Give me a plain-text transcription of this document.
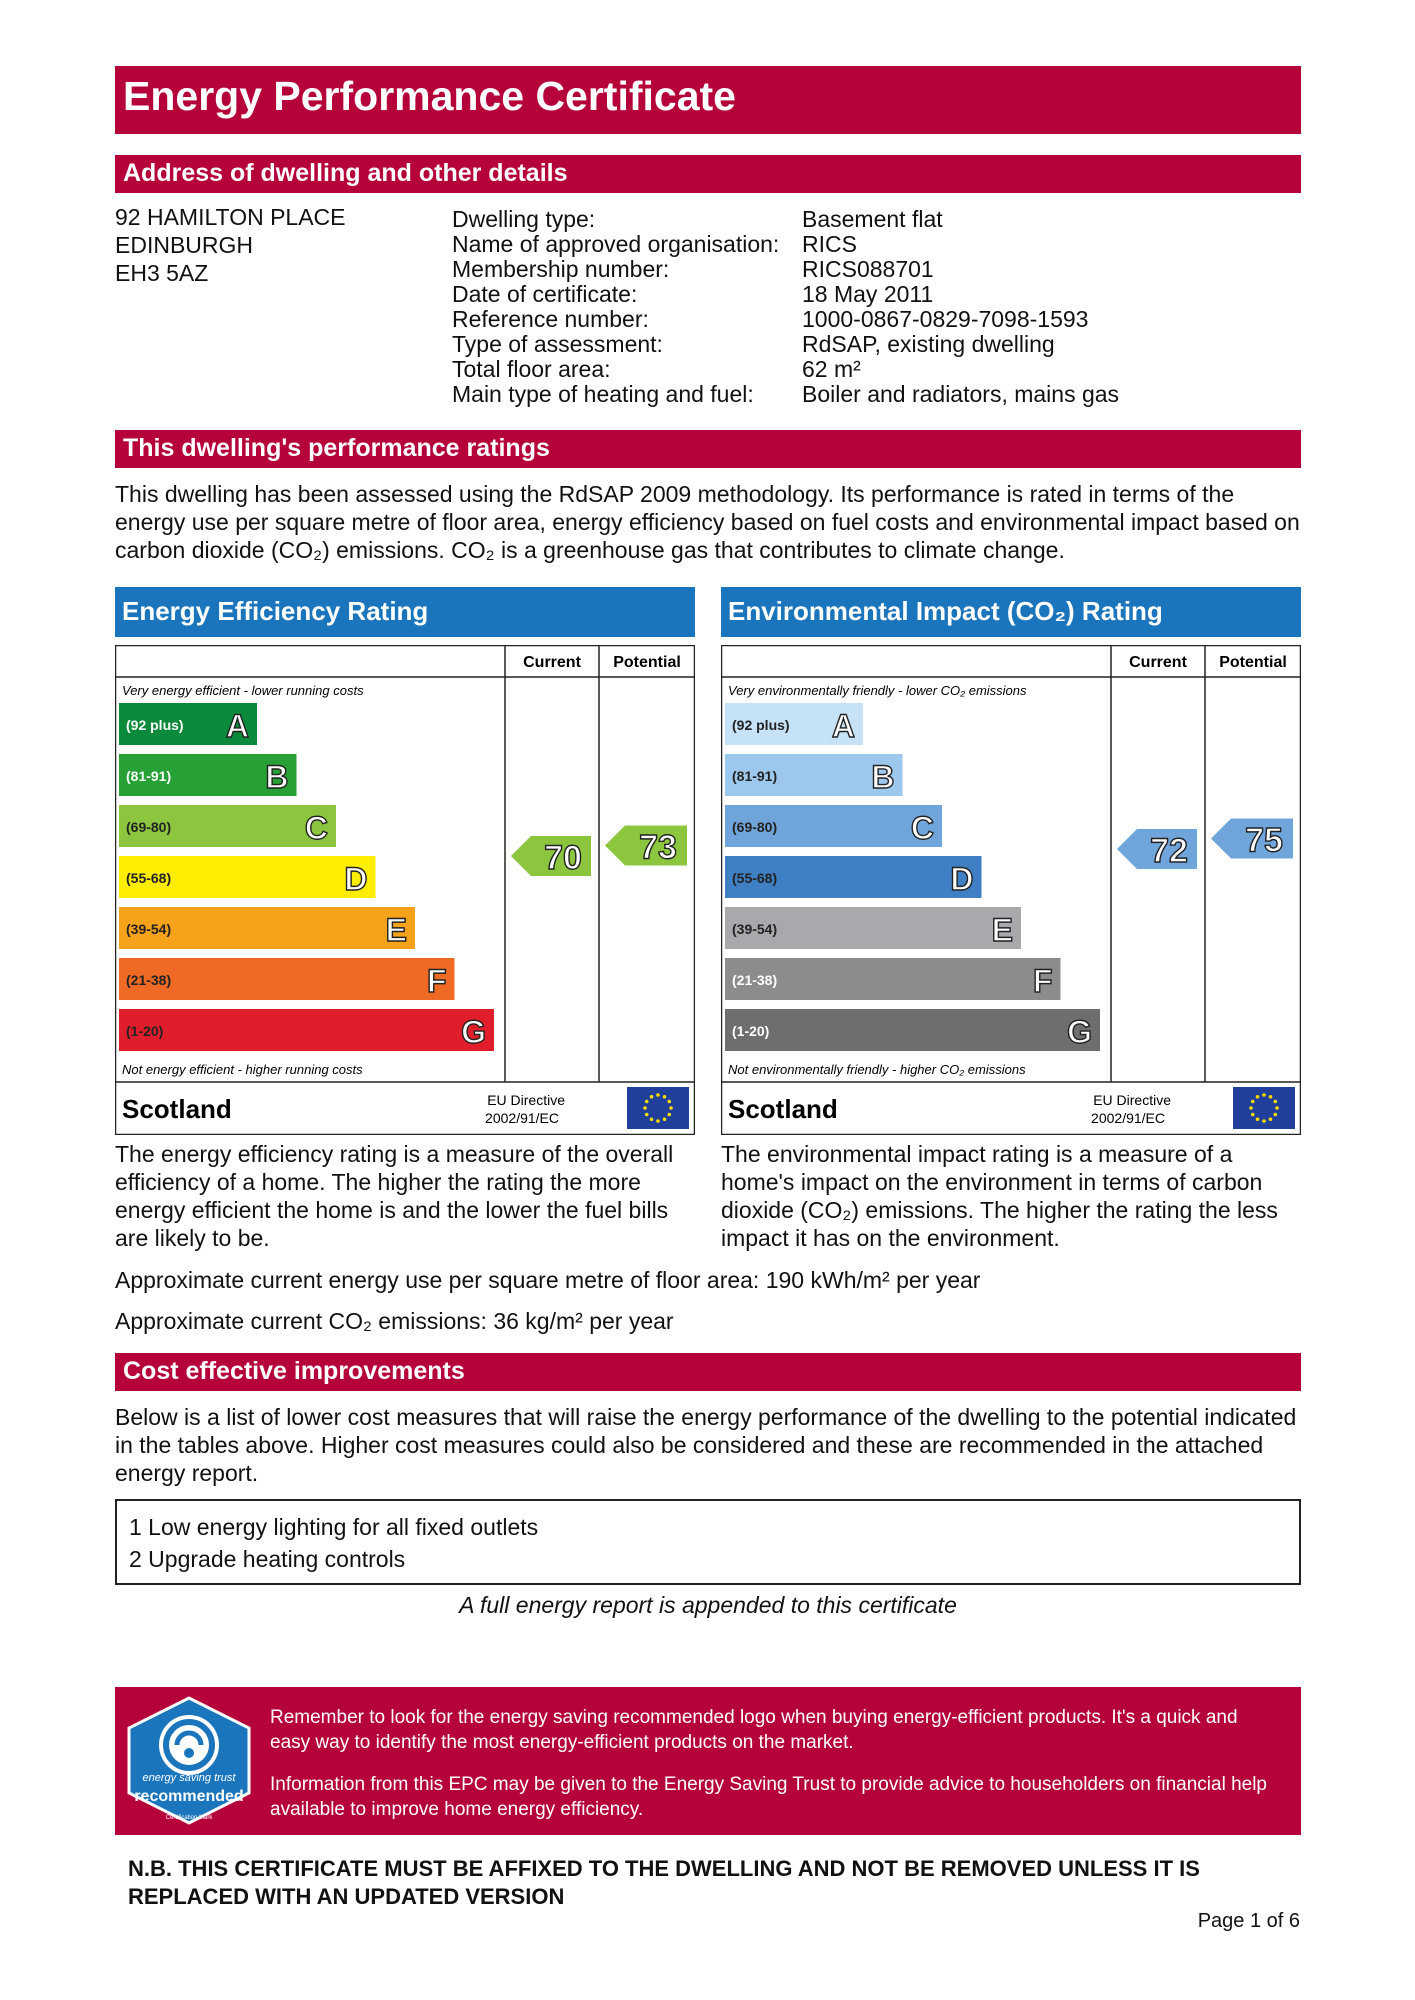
Energy Performance Certificate
Address of dwelling and other details
92 HAMILTON PLACE
EDINBURGH
EH3 5AZ
Dwelling type:	Basement flat
Name of approved organisation: RICS
Membership number:	RICS088701
Date of certificate:	18 May 2011
Reference number:	1000-0867-0829-7098-1593
Type of assessment:	RdSAP, existing dwelling
Total floor area:	62 m²
Main type of heating and fuel: Boiler and radiators, mains gas
This dwelling's performance ratings
This dwelling has been assessed using the RdSAP 2009 methodology. Its performance is rated in terms of the energy use per square metre of floor area, energy efficiency based on fuel costs and environmental impact based on carbon dioxide (CO₂) emissions. CO₂ is a greenhouse gas that contributes to climate change.
Energy Efficiency Rating
Current Potential
Very energy efficient - lower running costs
Not energy efficient - higher running costs
(92 plus) A
(81-91)	B
(69-80)	C
(55-68)	D
(39-54)	E
(21-38)	F
(1-20)	G
70 73
Scotland	EU Directive
2002/91/EC
The energy efficiency rating is a measure of the overall efficiency of a home. The higher the rating the more energy efficient the home is and the lower the fuel bills are likely to be.
Environmental Impact (CO₂) Rating
Current Potential
Very environmentally friendly - lower CO₂ emissions
Not environmentally friendly - higher CO₂ emissions
(92 plus) A
(81-91)	B
(69-80)	C
(55-68)	D
(39-54)	E
(21-38)	F
(1-20)	G
72 75
Scotland	EU Directive
2002/91/EC
The environmental impact rating is a measure of a home's impact on the environment in terms of carbon dioxide (CO₂) emissions. The higher the rating the less impact it has on the environment.
Approximate current energy use per square metre of floor area: 190 kWh/m² per year
Approximate current CO₂ emissions: 36 kg/m² per year
Cost effective improvements
Below is a list of lower cost measures that will raise the energy performance of the dwelling to the potential indicated in the tables above. Higher cost measures could also be considered and these are recommended in the attached energy report.
1 Low energy lighting for all fixed outlets
2 Upgrade heating controls
A full energy report is appended to this certificate
energy saving trust
recommended
Certification Mark

Remember to look for the energy saving recommended logo when buying energy-efficient products. It's a quick and easy way to identify the most energy-efficient products on the market.

Information from this EPC may be given to the Energy Saving Trust to provide advice to householders on financial help available to improve home energy efficiency.

N.B. THIS CERTIFICATE MUST BE AFFIXED TO THE DWELLING AND NOT BE REMOVED UNLESS IT IS REPLACED WITH AN UPDATED VERSION
Page 1 of 6
